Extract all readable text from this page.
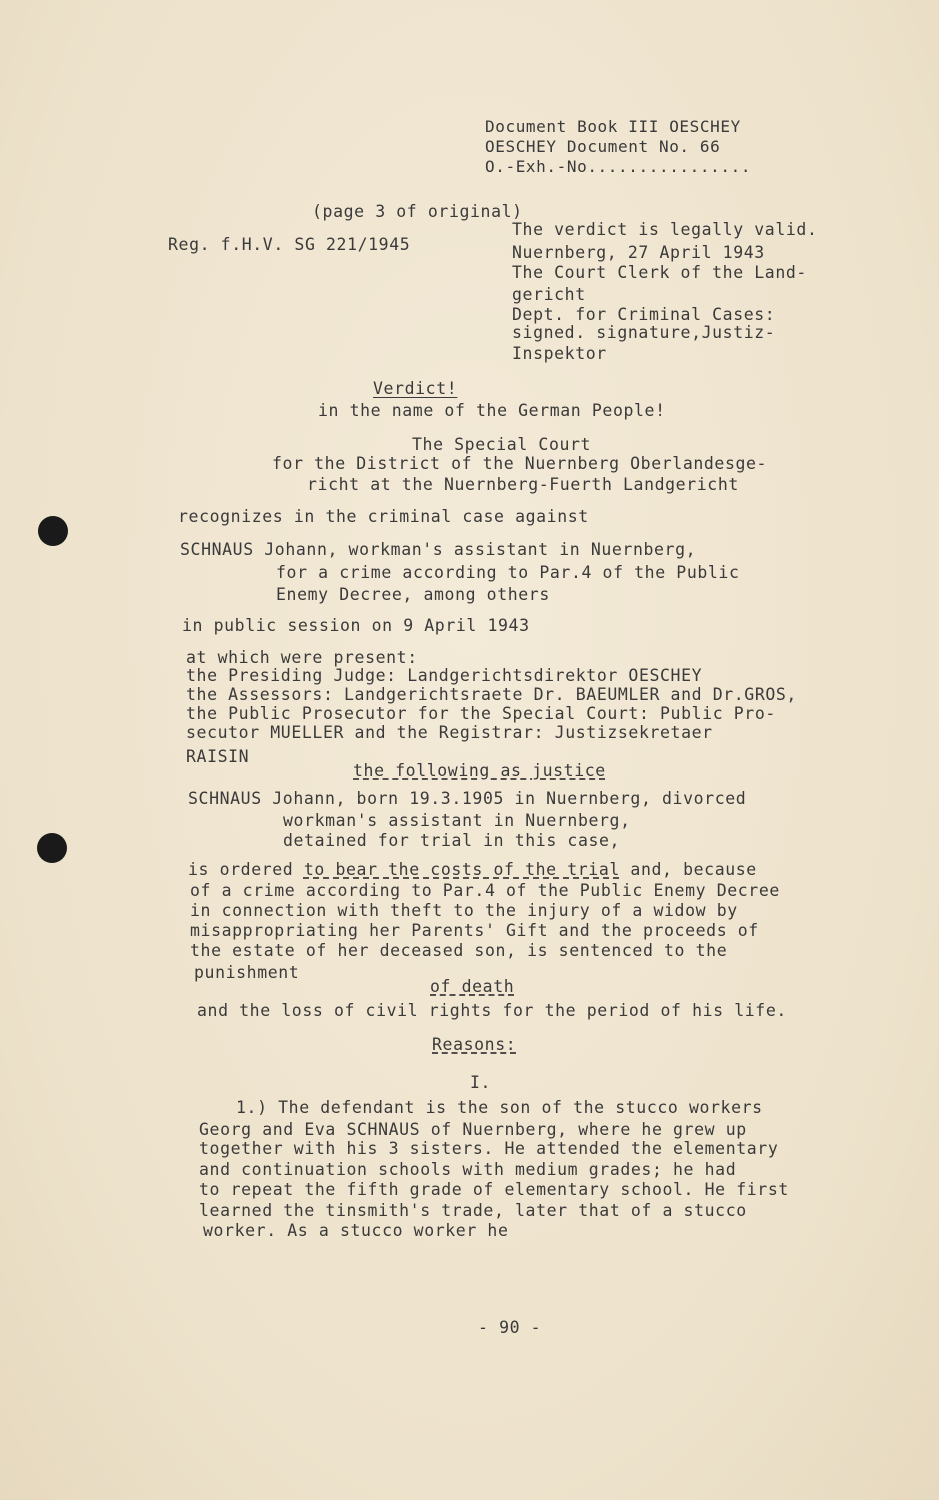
Document Book III OESCHEY
OESCHEY Document No. 66
O.-Exh.-No................
(page 3 of original)
Reg. f.H.V. SG 221/1945
The verdict is legally valid.
Nuernberg, 27 April 1943
The Court Clerk of the Land-
gericht
Dept. for Criminal Cases:
signed. signature,Justiz-
Inspektor
Verdict!
in the name of the German People!
The Special Court
for the District of the Nuernberg Oberlandesge-
richt at the Nuernberg-Fuerth Landgericht
recognizes in the criminal case against
SCHNAUS Johann, workman's assistant in Nuernberg,
for a crime according to Par.4 of the Public
Enemy Decree, among others
in public session on 9 April 1943
at which were present:
the Presiding Judge: Landgerichtsdirektor OESCHEY
the Assessors: Landgerichtsraete Dr. BAEUMLER and Dr.GROS,
the Public Prosecutor for the Special Court: Public Pro-
secutor MUELLER and the Registrar: Justizsekretaer
RAISIN
the following as justice
SCHNAUS Johann, born 19.3.1905 in Nuernberg, divorced
workman's assistant in Nuernberg,
detained for trial in this case,
is ordered to bear the costs of the trial and, because
of a crime according to Par.4 of the Public Enemy Decree
in connection with theft to the injury of a widow by
misappropriating her Parents' Gift and the proceeds of
the estate of her deceased son, is sentenced to the
punishment
of death
and the loss of civil rights for the period of his life.
Reasons:
I.
1.) The defendant is the son of the stucco workers
Georg and Eva SCHNAUS of Nuernberg, where he grew up
together with his 3 sisters. He attended the elementary
and continuation schools with medium grades; he had
to repeat the fifth grade of elementary school. He first
learned the tinsmith's trade, later that of a stucco
worker. As a stucco worker he
- 90 -
